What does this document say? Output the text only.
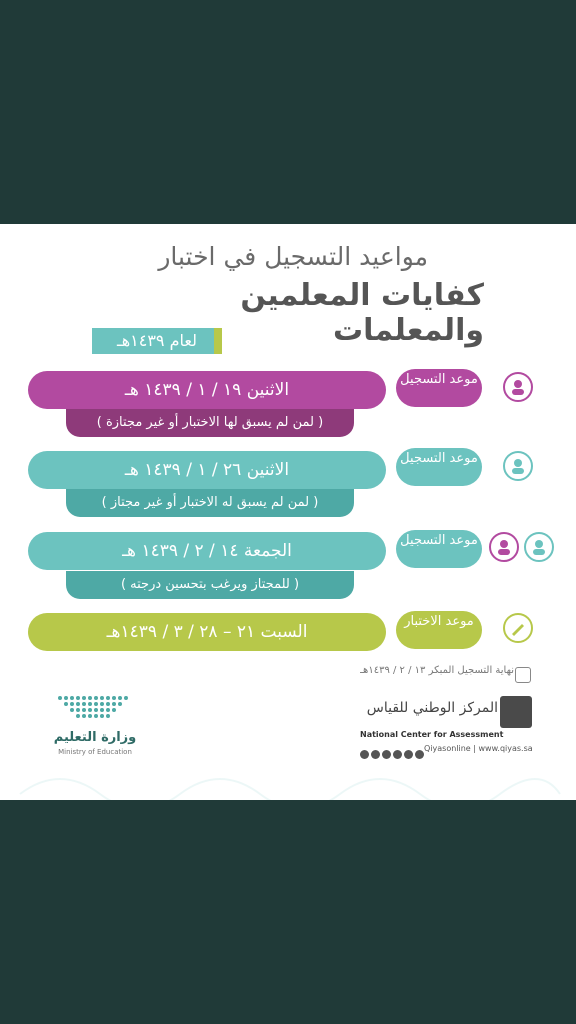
مواعيد التسجيل في اختبار
كفايات المعلمين والمعلمات
لعام ١٤٣٩هـ
الاثنين ١٩ / ١ / ١٤٣٩ هـ
( لمن لم يسبق لها الاختبار أو غير مجتازة )
موعد التسجيل
الاثنين ٢٦ / ١ / ١٤٣٩ هـ
( لمن لم يسبق له الاختبار أو غير مجتاز )
موعد التسجيل
الجمعة ١٤ / ٢ / ١٤٣٩ هـ
( للمجتاز ويرغب بتحسين درجته )
موعد التسجيل
السبت ٢١ – ٢٨ / ٣ / ١٤٣٩هـ
موعد الاختبار
نهاية التسجيل المبكر ١٣ / ٢ / ١٤٣٩هـ
وزارة التعليم
Ministry of Education
المركز الوطني للقياس
National Center for Assessment
Qiyasonline | www.qiyas.sa
